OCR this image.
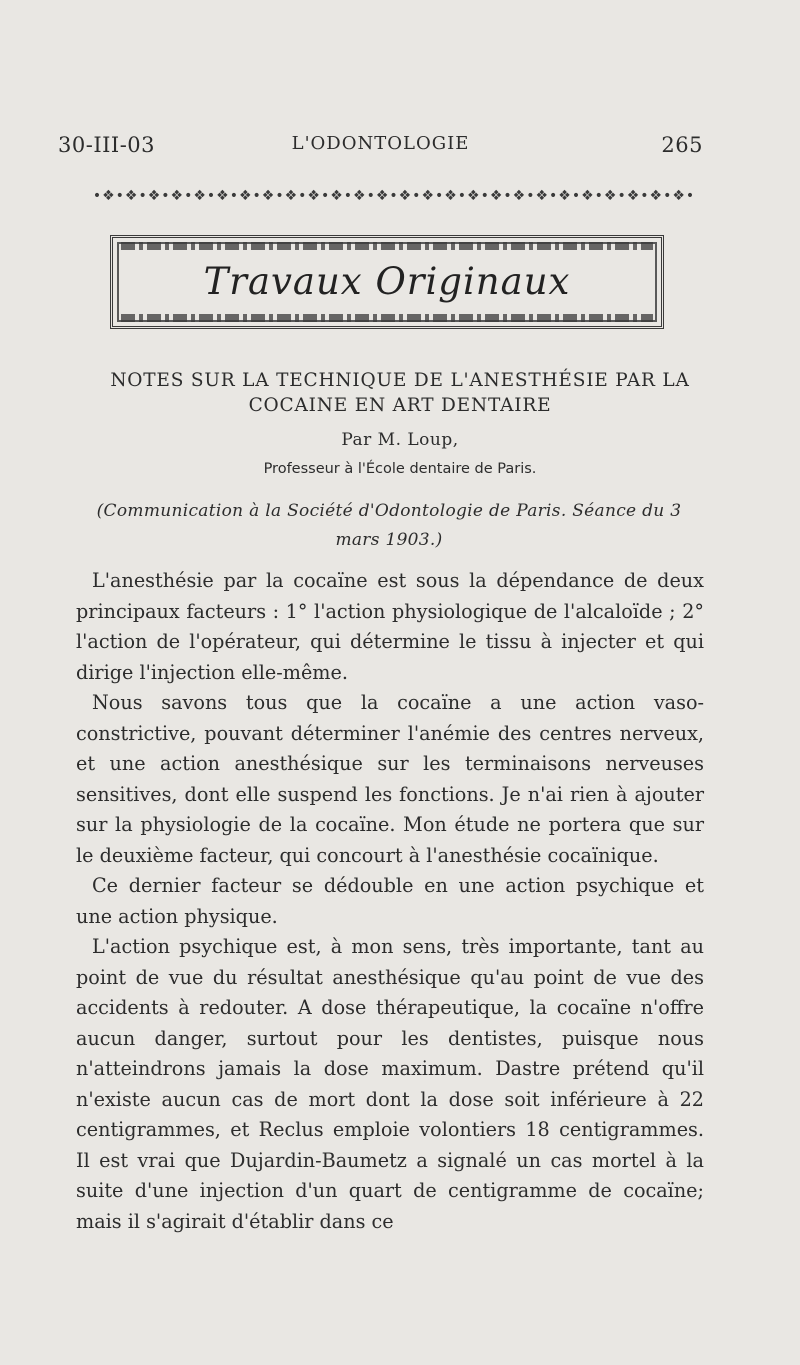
30-III-03	L'ODONTOLOGIE	265
•❖•❖•❖•❖•❖•❖•❖•❖•❖•❖•❖•❖•❖•❖•❖•❖•❖•❖•❖•❖•❖•❖•❖•❖•❖•❖•
Travaux Originaux
NOTES SUR LA TECHNIQUE DE L'ANESTHÉSIE PAR LA
COCAINE EN ART DENTAIRE
Par M. Loup,
Professeur à l'École dentaire de Paris.
(Communication à la Société d'Odontologie de Paris. Séance du 3 mars 1903.)

L'anesthésie par la cocaïne est sous la dépendance de deux principaux facteurs : 1° l'action physiologique de l'alcaloïde ; 2° l'action de l'opérateur, qui détermine le tissu à injecter et qui dirige l'injection elle-même.

Nous savons tous que la cocaïne a une action vaso-constrictive, pouvant déterminer l'anémie des centres nerveux, et une action anesthésique sur les terminaisons nerveuses sensitives, dont elle suspend les fonctions. Je n'ai rien à ajouter sur la physiologie de la cocaïne. Mon étude ne portera que sur le deuxième facteur, qui concourt à l'anesthésie cocaïnique.

Ce dernier facteur se dédouble en une action psychique et une action physique.

L'action psychique est, à mon sens, très importante, tant au point de vue du résultat anesthésique qu'au point de vue des accidents à redouter. A dose thérapeutique, la cocaïne n'offre aucun danger, surtout pour les dentistes, puisque nous n'atteindrons jamais la dose maximum. Dastre prétend qu'il n'existe aucun cas de mort dont la dose soit inférieure à 22 centigrammes, et Reclus emploie volontiers 18 centigrammes. Il est vrai que Dujardin-Baumetz a signalé un cas mortel à la suite d'une injection d'un quart de centigramme de cocaïne; mais il s'agirait d'établir dans ce
